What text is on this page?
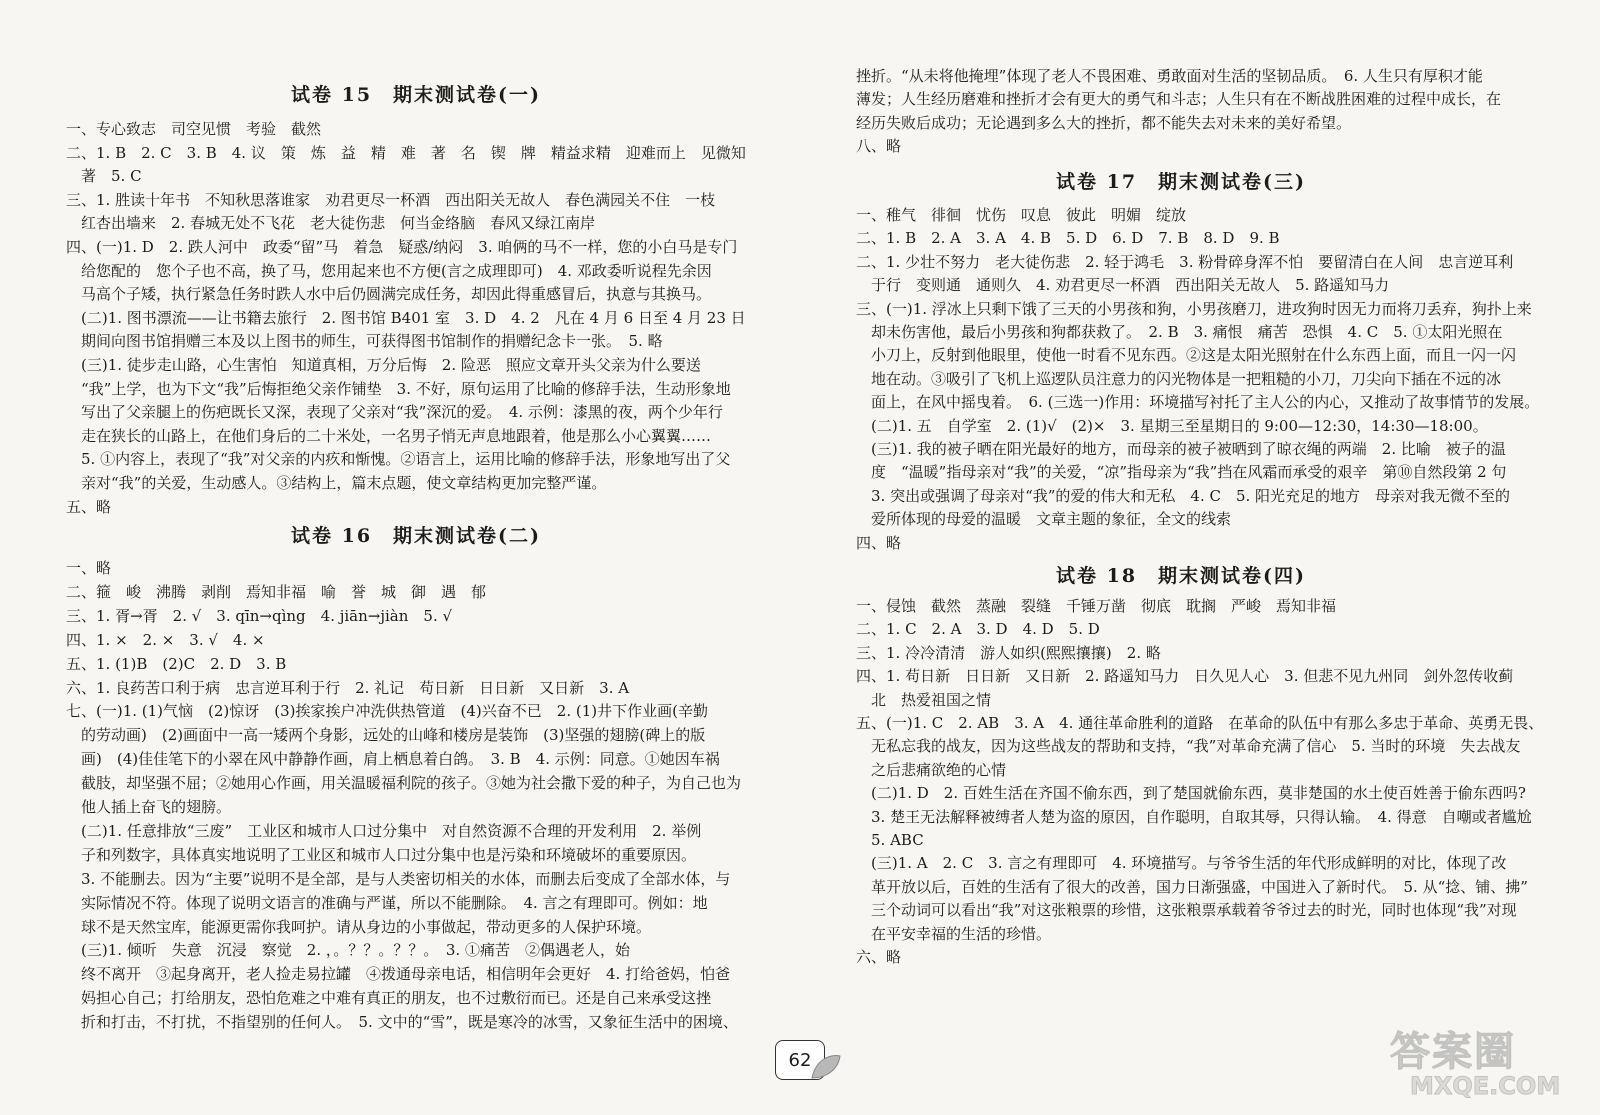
试卷 15　期末测试卷(一)
一、专心致志　司空见惯　考验　截然
二、1. B　2. C　3. B　4. 议　策　炼　益　精　难　著　名　锲　牌　精益求精　迎难而上　见微知
　著　5. C
三、1. 胜读十年书　不知秋思落谁家　劝君更尽一杯酒　西出阳关无故人　春色满园关不住　一枝
　红杏出墙来　2. 春城无处不飞花　老大徒伤悲　何当金络脑　春风又绿江南岸
四、(一)1. D　2. 跌人河中　政委“留”马　着急　疑惑/纳闷　3. 咱俩的马不一样，您的小白马是专门
　给您配的　您个子也不高，换了马，您用起来也不方便(言之成理即可)　4. 邓政委听说程先余因
　马高个子矮，执行紧急任务时跌人水中后仍圆满完成任务，却因此得重感冒后，执意与其换马。
　(二)1. 图书漂流——让书籍去旅行　2. 图书馆 B401 室　3. D　4. 2　凡在 4 月 6 日至 4 月 23 日
　期间向图书馆捐赠三本及以上图书的师生，可获得图书馆制作的捐赠纪念卡一张。　5. 略
　(三)1. 徒步走山路，心生害怕　知道真相，万分后悔　2. 险恶　照应文章开头父亲为什么要送
　“我”上学，也为下文“我”后悔拒绝父亲作铺垫　3. 不好，原句运用了比喻的修辞手法，生动形象地
　写出了父亲腿上的伤疤既长又深，表现了父亲对“我”深沉的爱。　4. 示例：漆黑的夜，两个少年行
　走在狭长的山路上，在他们身后的二十米处，一名男子悄无声息地跟着，他是那么小心翼翼……
　5. ①内容上，表现了“我”对父亲的内疚和惭愧。②语言上，运用比喻的修辞手法，形象地写出了父
　亲对“我”的关爱，生动感人。③结构上，篇末点题，使文章结构更加完整严谨。
五、略
试卷 16　期末测试卷(二)
一、略
二、箍　峻　沸腾　剥削　焉知非福　喻　誉　城　御　遇　郁
三、1. 胥→胥　2. √　3. qīn→qìng　4. jiān→jiàn　5. √
四、1. ×　2. ×　3. √　4. ×
五、1. (1)B　(2)C　2. D　3. B
六、1. 良药苦口利于病　忠言逆耳利于行　2. 礼记　苟日新　日日新　又日新　3. A
七、(一)1. (1)气恼　(2)惊讶　(3)挨家挨户冲洗供热管道　(4)兴奋不已　2. (1)井下作业画(辛勤
　的劳动画)　(2)画面中一高一矮两个身影，远处的山峰和楼房是装饰　(3)坚强的翅膀(碑上的版
　画)　(4)佳佳笔下的小翠在风中静静作画，肩上栖息着白鸽。　3. B　4. 示例：同意。①她因车祸
　截肢，却坚强不屈；②她用心作画，用关温暖福利院的孩子。③她为社会撒下爱的种子，为自己也为
　他人插上奋飞的翅膀。
　(二)1. 任意排放“三废”　工业区和城市人口过分集中　对自然资源不合理的开发利用　2. 举例
　子和列数字，具体真实地说明了工业区和城市人口过分集中也是污染和环境破坏的重要原因。
　3. 不能删去。因为“主要”说明不是全部，是与人类密切相关的水体，而删去后变成了全部水体，与
　实际情况不符。体现了说明文语言的准确与严谨，所以不能删除。　4. 言之有理即可。例如：地
　球不是天然宝库，能源更需你我呵护。请从身边的小事做起，带动更多的人保护环境。
　(三)1. 倾听　失意　沉浸　察觉　2. ，。？？。？？。　3. ①痛苦　②偶遇老人，始
　终不离开　③起身离开，老人捡走易拉罐　④拨通母亲电话，相信明年会更好　4. 打给爸妈，怕爸
　妈担心自己；打给朋友，恐怕危难之中难有真正的朋友，也不过敷衍而已。还是自己来承受这挫
　折和打击，不打扰，不指望别的任何人。　5. 文中的“雪”，既是寒冷的冰雪，又象征生活中的困境、
挫折。“从未将他掩埋”体现了老人不畏困难、勇敢面对生活的坚韧品质。　6. 人生只有厚积才能
薄发；人生经历磨难和挫折才会有更大的勇气和斗志；人生只有在不断战胜困难的过程中成长，在
经历失败后成功；无论遇到多么大的挫折，都不能失去对未来的美好希望。
八、略
试卷 17　期末测试卷(三)
一、稚气　徘徊　忧伤　叹息　彼此　明媚　绽放
二、1. B　2. A　3. A　4. B　5. D　6. D　7. B　8. D　9. B
二、1. 少壮不努力　老大徒伤悲　2. 轻于鸿毛　3. 粉骨碎身浑不怕　要留清白在人间　忠言逆耳利
　于行　变则通　通则久　4. 劝君更尽一杯酒　西出阳关无故人　5. 路遥知马力
三、(一)1. 浮冰上只剩下饿了三天的小男孩和狗，小男孩磨刀，进攻狗时因无力而将刀丢弃，狗扑上来
　却未伤害他，最后小男孩和狗都获救了。　2. B　3. 痛恨　痛苦　恐惧　4. C　5. ①太阳光照在
　小刀上，反射到他眼里，使他一时看不见东西。②这是太阳光照射在什么东西上面，而且一闪一闪
　地在动。③吸引了飞机上巡逻队员注意力的闪光物体是一把粗糙的小刀，刀尖向下插在不远的冰
　面上，在风中摇曳着。　6. (三选一)作用：环境描写衬托了主人公的内心，又推动了故事情节的发展。
　(二)1. 五　自学室　2. (1)√　(2)×　3. 星期三至星期日的 9:00—12:30，14:30—18:00。
　(三)1. 我的被子晒在阳光最好的地方，而母亲的被子被晒到了晾衣绳的两端　2. 比喻　被子的温
　度　“温暖”指母亲对“我”的关爱，“凉”指母亲为“我”挡在风霜而承受的艰辛　第⑩自然段第 2 句
　3. 突出或强调了母亲对“我”的爱的伟大和无私　4. C　5. 阳光充足的地方　母亲对我无微不至的
　爱所体现的母爱的温暖　文章主题的象征，全文的线索
四、略
试卷 18　期末测试卷(四)
一、侵蚀　截然　蒸融　裂缝　千锤万凿　彻底　耽搁　严峻　焉知非福
二、1. C　2. A　3. D　4. D　5. D
三、1. 冷冷清清　游人如织(熙熙攘攘)　2. 略
四、1. 苟日新　日日新　又日新　2. 路遥知马力　日久见人心　3. 但悲不见九州同　剑外忽传收蓟
　北　热爱祖国之情
五、(一)1. C　2. AB　3. A　4. 通往革命胜利的道路　在革命的队伍中有那么多忠于革命、英勇无畏、
　无私忘我的战友，因为这些战友的帮助和支持，“我”对革命充满了信心　5. 当时的环境　失去战友
　之后悲痛欲绝的心情
　(二)1. D　2. 百姓生活在齐国不偷东西，到了楚国就偷东西，莫非楚国的水土使百姓善于偷东西吗?
　3. 楚王无法解释被缚者人楚为盗的原因，自作聪明，自取其辱，只得认输。　4. 得意　自嘲或者尴尬
　5. ABC
　(三)1. A　2. C　3. 言之有理即可　4. 环境描写。与爷爷生活的年代形成鲜明的对比，体现了改
　革开放以后，百姓的生活有了很大的改善，国力日渐强盛，中国进入了新时代。　5. 从“捻、铺、拂”
　三个动词可以看出“我”对这张粮票的珍惜，这张粮票承载着爷爷过去的时光，同时也体现“我”对现
　在平安幸福的生活的珍惜。
六、略
62	答案圈
MXQE.COM
